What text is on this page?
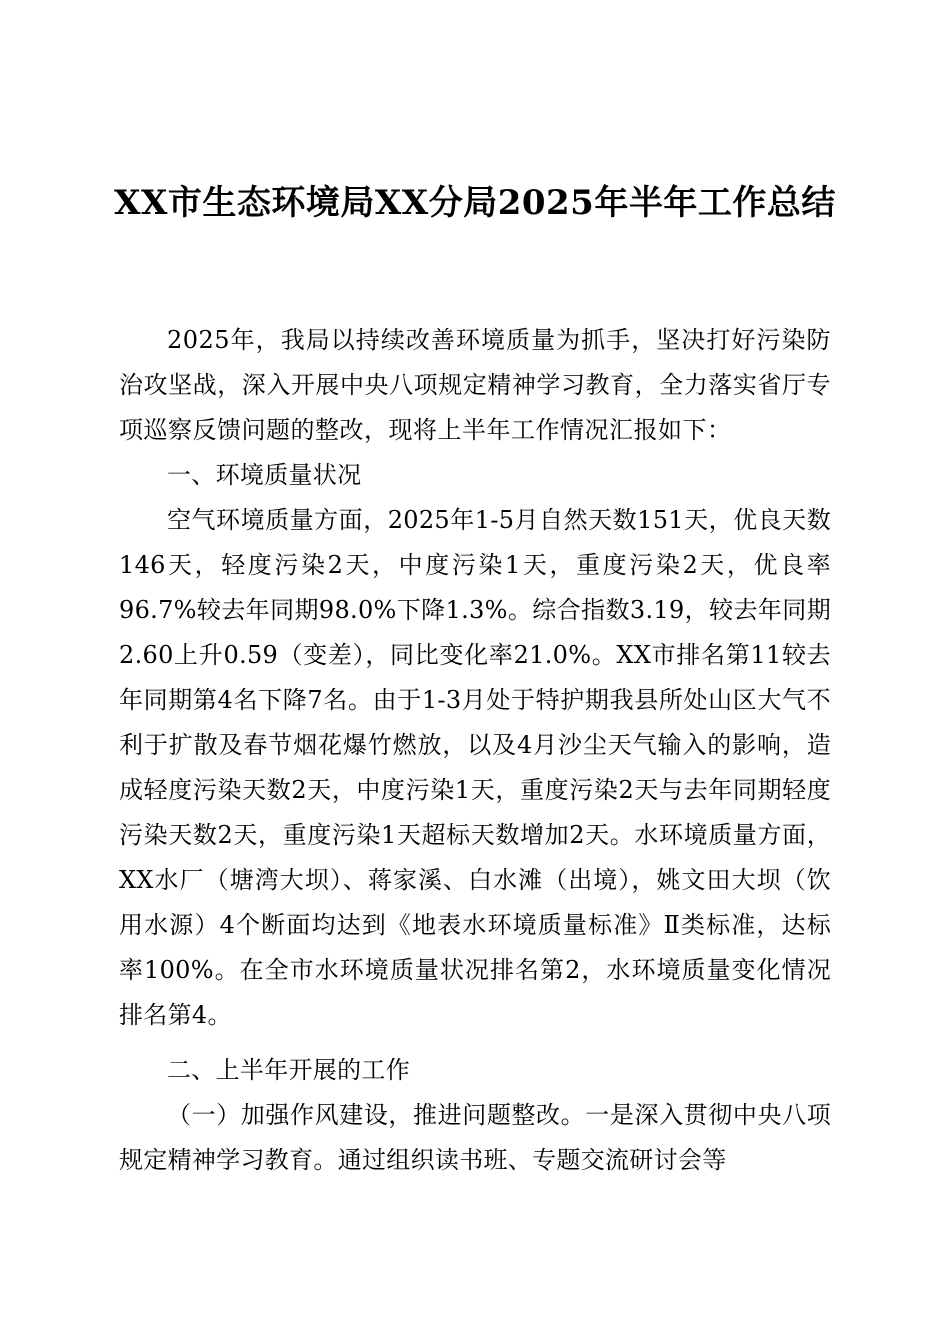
XX市生态环境局XX分局2025年半年工作总结

2025年，我局以持续改善环境质量为抓手，坚决打好污染防治攻坚战，深入开展中央八项规定精神学习教育，全力落实省厅专项巡察反馈问题的整改，现将上半年工作情况汇报如下：

一、环境质量状况

空气环境质量方面，2025年1-5月自然天数151天，优良天数146天，轻度污染2天，中度污染1天，重度污染2天，优良率96.7%较去年同期98.0%下降1.3%。综合指数3.19，较去年同期2.60上升0.59（变差），同比变化率21.0%。XX市排名第11较去年同期第4名下降7名。由于1-3月处于特护期我县所处山区大气不利于扩散及春节烟花爆竹燃放，以及4月沙尘天气输入的影响，造成轻度污染天数2天，中度污染1天，重度污染2天与去年同期轻度污染天数2天，重度污染1天超标天数增加2天。水环境质量方面，XX水厂（塘湾大坝）、蒋家溪、白水滩（出境），姚文田大坝（饮用水源）4个断面均达到《地表水环境质量标准》Ⅱ类标准，达标率100%。在全市水环境质量状况排名第2，水环境质量变化情况排名第4。

二、上半年开展的工作

（一）加强作风建设，推进问题整改。一是深入贯彻中央八项规定精神学习教育。通过组织读书班、专题交流研讨会等
